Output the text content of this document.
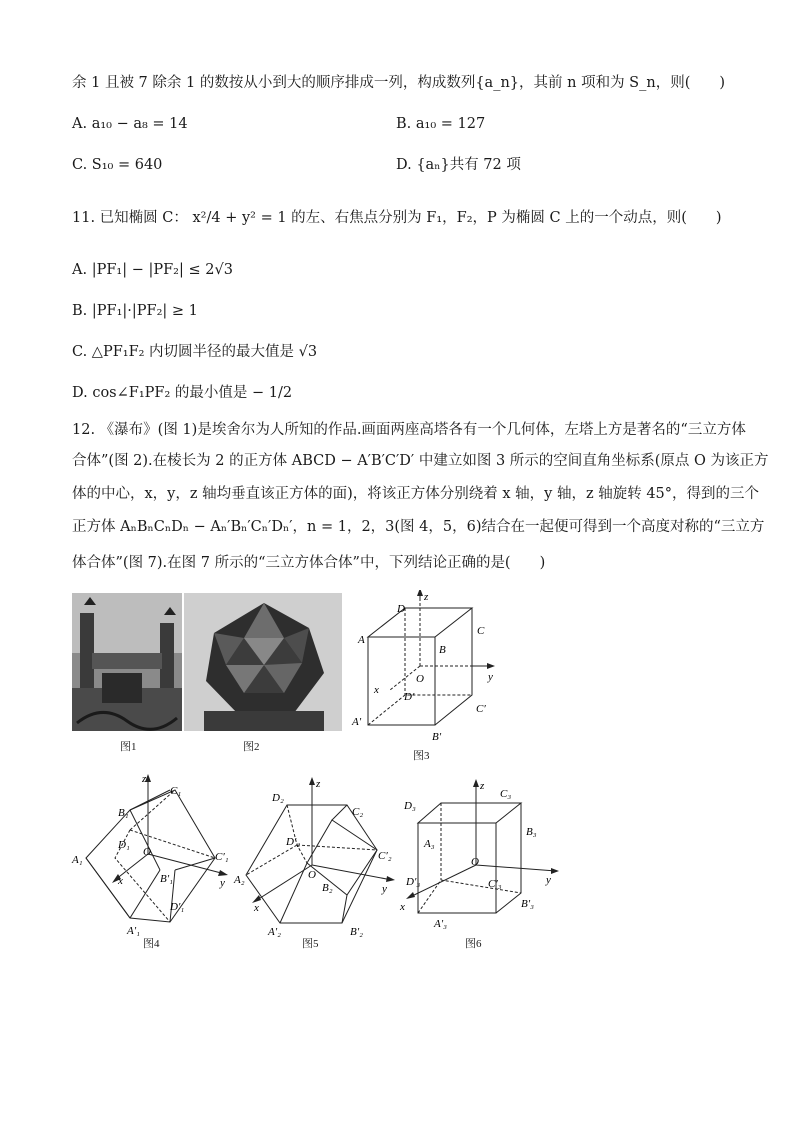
余 1 且被 7 除余 1 的数按从小到大的顺序排成一列，构成数列{a_n}，其前 n 项和为 S_n，则(　　)
A. a₁₀ − a₈ = 14	B. a₁₀ = 127
C. S₁₀ = 640	D. {aₙ}共有 72 项
11. 已知椭圆 C： x²/4 + y² = 1 的左、右焦点分别为 F₁，F₂，P 为椭圆 C 上的一个动点，则(　　)
A. |PF₁| − |PF₂| ≤ 2√3
B. |PF₁|·|PF₂| ≥ 1
C. △PF₁F₂ 内切圆半径的最大值是 √3
D. cos∠F₁PF₂ 的最小值是 − 1/2
12. 《瀑布》(图 1)是埃舍尔为人所知的作品.画面两座高塔各有一个几何体，左塔上方是著名的“三立方体
合体”(图 2).在棱长为 2 的正方体 ABCD − A′B′C′D′ 中建立如图 3 所示的空间直角坐标系(原点 O 为该正方
体的中心，x，y，z 轴均垂直该正方体的面)，将该正方体分别绕着 x 轴，y 轴，z 轴旋转 45°，得到的三个
正方体 AₙBₙCₙDₙ − Aₙ′Bₙ′Cₙ′Dₙ′，n = 1，2，3(图 4，5，6)结合在一起便可得到一个高度对称的“三立方
体合体”(图 7).在图 7 所示的“三立方体合体”中，下列结论正确的是(　　)
图1	图2
z
D
C
A
B
O
D′
y
x
C′
A′
B′
图3
z
C₁
B₁
D₁
A₁
O	C′₁
B′₁
D′₁
x	y
A′₁
图4
z
D₂
C₂
D′₂
C′₂
A₂	O
B₂	y
x
A′₂	B′₂
图5
z
D₃
C₃
B₃
A₃
O
D′₃	C′₃	y
x	B′₃
A′₃
图6
